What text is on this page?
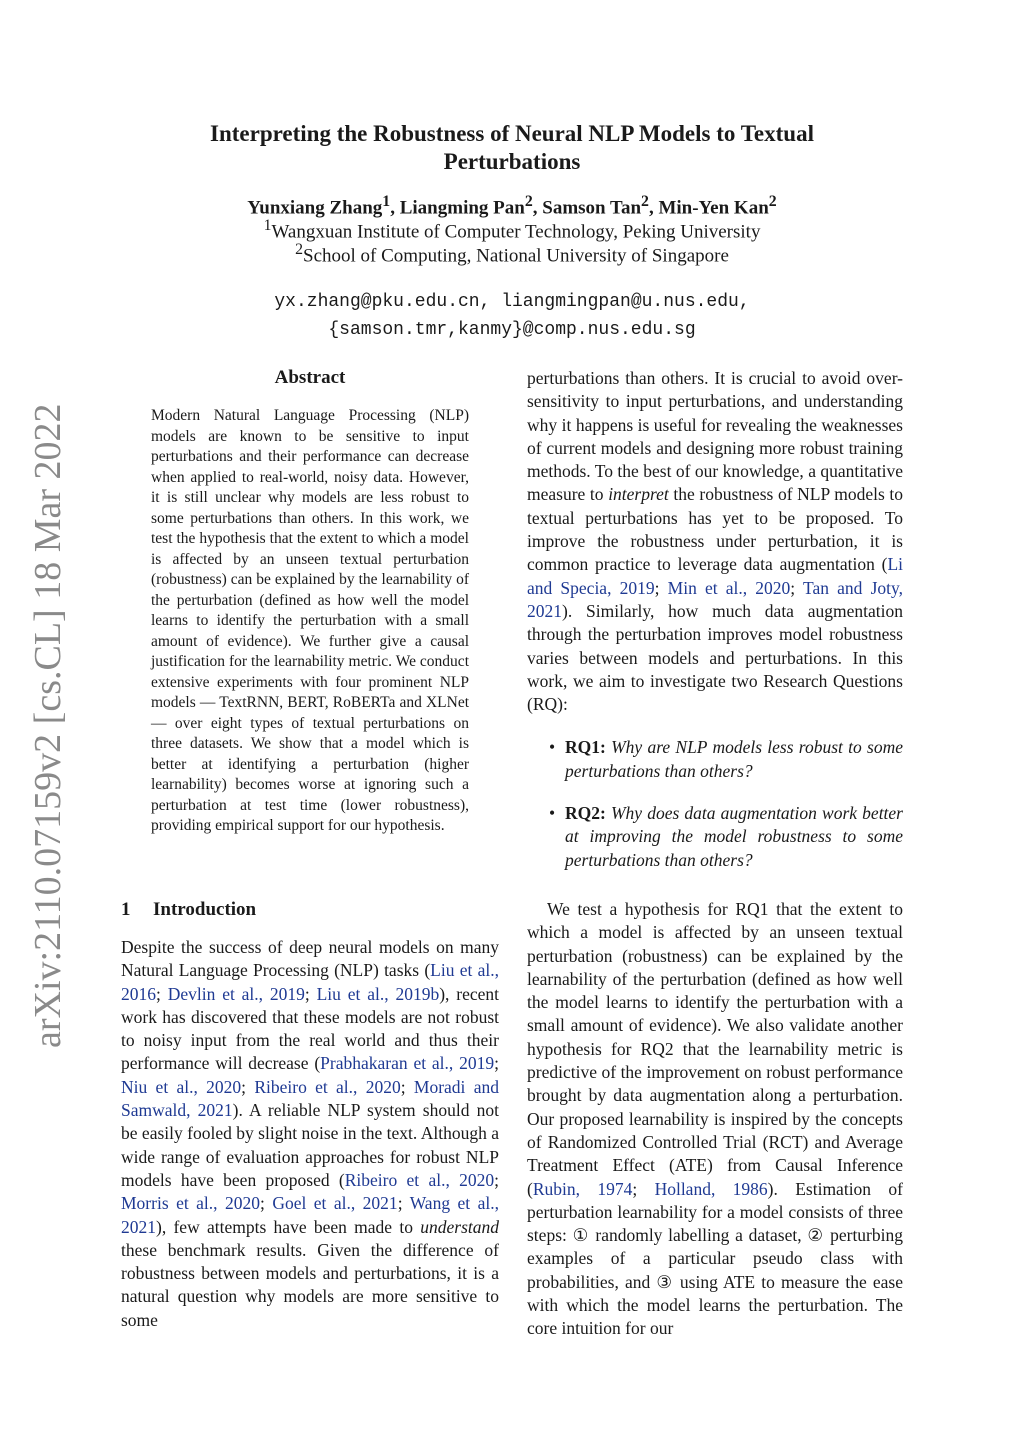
arXiv:2110.07159v2 [cs.CL] 18 Mar 2022
Interpreting the Robustness of Neural NLP Models to Textual Perturbations
Yunxiang Zhang$^1$, Liangming Pan$^2$, Samson Tan$^2$, Min-Yen Kan$^2$
$^1$Wangxuan Institute of Computer Technology, Peking University
$^2$School of Computing, National University of Singapore
yx.zhang@pku.edu.cn, liangmingpan@u.nus.edu,
{samson.tmr,kanmy}@comp.nus.edu.sg
Abstract
Modern Natural Language Processing (NLP) models are known to be sensitive to input perturbations and their performance can decrease when applied to real-world, noisy data. However, it is still unclear why models are less robust to some perturbations than others. In this work, we test the hypothesis that the extent to which a model is affected by an unseen textual perturbation (robustness) can be explained by the learnability of the perturbation (defined as how well the model learns to identify the perturbation with a small amount of evidence). We further give a causal justification for the learnability metric. We conduct extensive experiments with four prominent NLP models — TextRNN, BERT, RoBERTa and XLNet — over eight types of textual perturbations on three datasets. We show that a model which is better at identifying a perturbation (higher learnability) becomes worse at ignoring such a perturbation at test time (lower robustness), providing empirical support for our hypothesis.
1 Introduction
Despite the success of deep neural models on many Natural Language Processing (NLP) tasks (Liu et al., 2016; Devlin et al., 2019; Liu et al., 2019b), recent work has discovered that these models are not robust to noisy input from the real world and thus their performance will decrease (Prabhakaran et al., 2019; Niu et al., 2020; Ribeiro et al., 2020; Moradi and Samwald, 2021). A reliable NLP system should not be easily fooled by slight noise in the text. Although a wide range of evaluation approaches for robust NLP models have been proposed (Ribeiro et al., 2020; Morris et al., 2020; Goel et al., 2021; Wang et al., 2021), few attempts have been made to understand these benchmark results. Given the difference of robustness between models and perturbations, it is a natural question why models are more sensitive to some

perturbations than others. It is crucial to avoid over-sensitivity to input perturbations, and understanding why it happens is useful for revealing the weaknesses of current models and designing more robust training methods. To the best of our knowledge, a quantitative measure to interpret the robustness of NLP models to textual perturbations has yet to be proposed. To improve the robustness under perturbation, it is common practice to leverage data augmentation (Li and Specia, 2019; Min et al., 2020; Tan and Joty, 2021). Similarly, how much data augmentation through the perturbation improves model robustness varies between models and perturbations. In this work, we aim to investigate two Research Questions (RQ):

• RQ1: Why are NLP models less robust to some perturbations than others?
• RQ2: Why does data augmentation work better at improving the model robustness to some perturbations than others?

We test a hypothesis for RQ1 that the extent to which a model is affected by an unseen textual perturbation (robustness) can be explained by the learnability of the perturbation (defined as how well the model learns to identify the perturbation with a small amount of evidence). We also validate another hypothesis for RQ2 that the learnability metric is predictive of the improvement on robust performance brought by data augmentation along a perturbation. Our proposed learnability is inspired by the concepts of Randomized Controlled Trial (RCT) and Average Treatment Effect (ATE) from Causal Inference (Rubin, 1974; Holland, 1986). Estimation of perturbation learnability for a model consists of three steps: ① randomly labelling a dataset, ② perturbing examples of a particular pseudo class with probabilities, and ③ using ATE to measure the ease with which the model learns the perturbation. The core intuition for our
